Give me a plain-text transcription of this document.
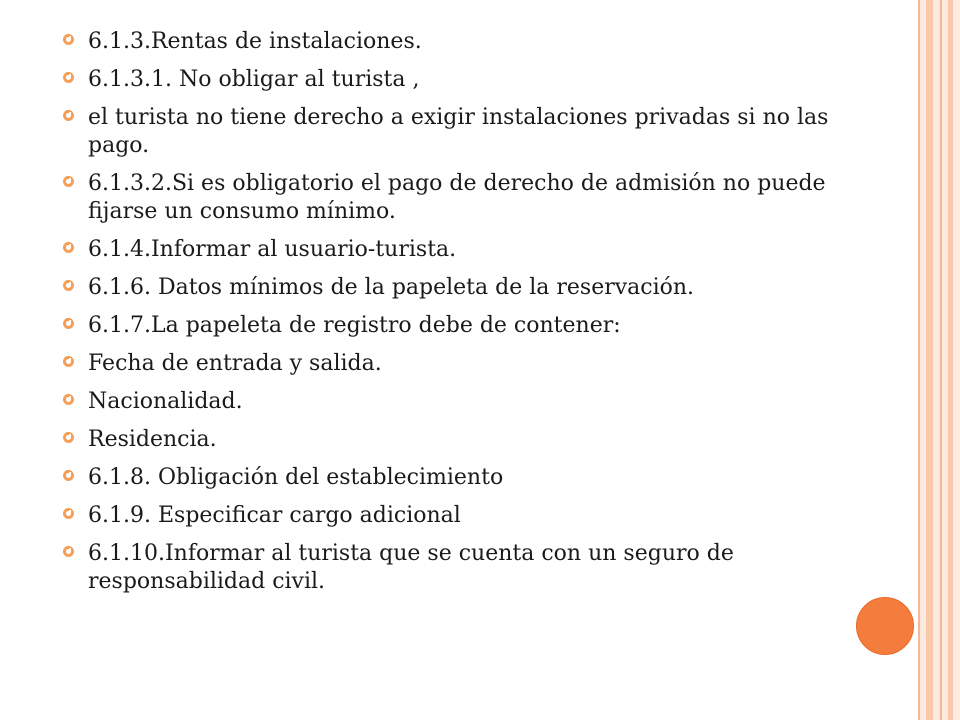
6.1.3.Rentas de instalaciones.
6.1.3.1. No obligar al turista ,
el turista no tiene derecho a exigir instalaciones privadas si no las pago.
6.1.3.2.Si es obligatorio el pago de derecho de admisión no puede fijarse un consumo mínimo.
6.1.4.Informar al usuario-turista.
6.1.6. Datos mínimos de la papeleta de la reservación.
6.1.7.La papeleta de registro debe de contener:
Fecha de entrada y salida.
Nacionalidad.
Residencia.
6.1.8. Obligación del establecimiento
6.1.9. Especificar cargo adicional
6.1.10.Informar al turista que se cuenta con un seguro de responsabilidad civil.
